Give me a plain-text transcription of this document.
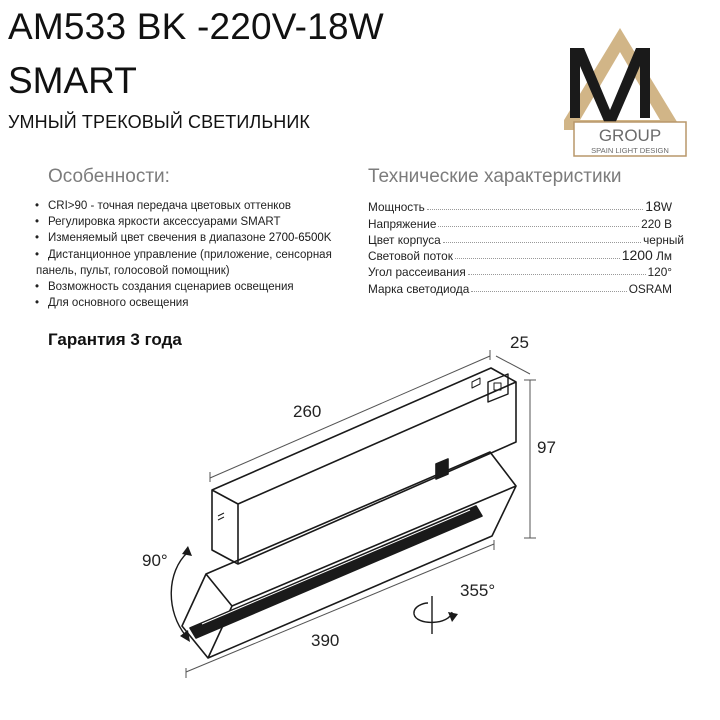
AM533 BK -220V-18W
SMART
УМНЫЙ ТРЕКОВЫЙ СВЕТИЛЬНИК
GROUP
SPAIN LIGHT DESIGN
Особенности:
• CRI>90 - точная передача цветовых оттенков
• Регулировка яркости аксессуарами SMART
• Изменяемый цвет свечения в диапазоне 2700-6500K
• Дистанционное управление (приложение, сенсорная
панель, пульт, голосовой помощник)
• Возможность создания сценариев освещения
• Для основного освещения
Технические характеристики
Мощность	18W
Напряжение	220 В
Цвет корпуса	черный
Световой поток	1200 Лм
Угол рассеивания	120°
Марка светодиода	OSRAM
Гарантия 3 года
260
25
97
390
90°
355°
